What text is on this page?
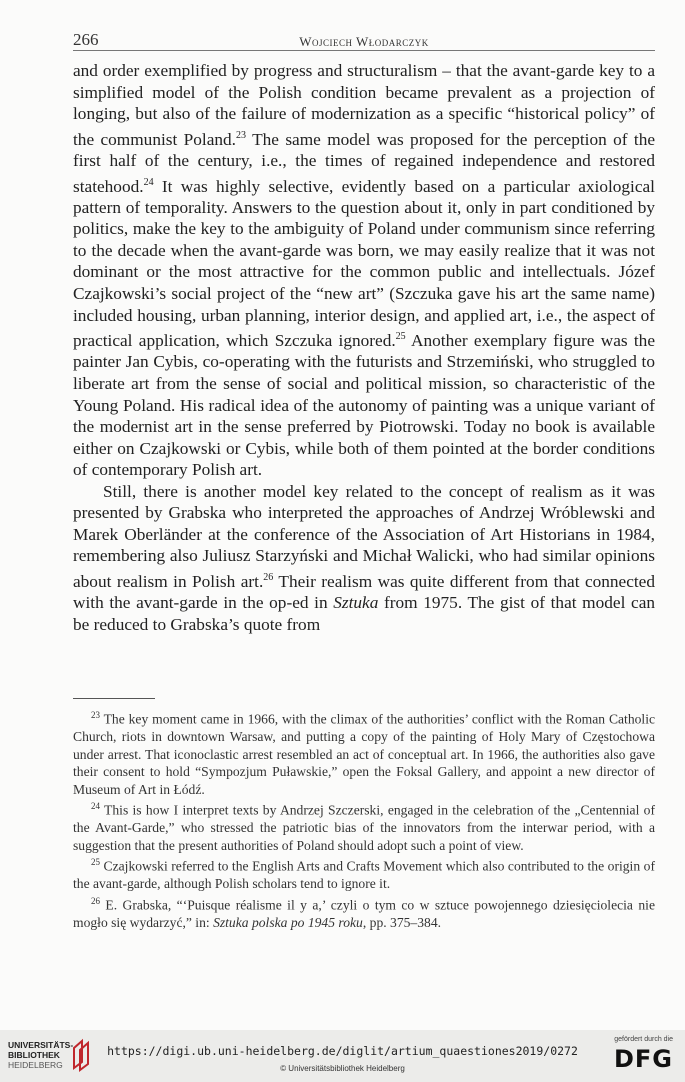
266	Wojciech Włodarczyk

and order exemplified by progress and structuralism – that the avant-garde key to a simplified model of the Polish condition became prevalent as a projection of longing, but also of the failure of modernization as a specific “historical policy” of the communist Poland.$^{23}$ The same model was proposed for the perception of the first half of the century, i.e., the times of regained independence and restored statehood.$^{24}$ It was highly selective, evidently based on a particular axiological pattern of temporality. Answers to the question about it, only in part conditioned by politics, make the key to the ambiguity of Poland under communism since referring to the decade when the avant-garde was born, we may easily realize that it was not dominant or the most attractive for the common public and intellectuals. Józef Czajkowski’s social project of the “new art” (Szczuka gave his art the same name) included housing, urban planning, interior design, and applied art, i.e., the aspect of practical application, which Szczuka ignored.$^{25}$ Another exemplary figure was the painter Jan Cybis, co-operating with the futurists and Strzemiński, who struggled to liberate art from the sense of social and political mission, so characteristic of the Young Poland. His radical idea of the autonomy of painting was a unique variant of the modernist art in the sense preferred by Piotrowski. Today no book is available either on Czajkowski or Cybis, while both of them pointed at the border conditions of contemporary Polish art.

Still, there is another model key related to the concept of realism as it was presented by Grabska who interpreted the approaches of Andrzej Wróblewski and Marek Oberländer at the conference of the Association of Art Historians in 1984, remembering also Juliusz Starzyński and Michał Walicki, who had similar opinions about realism in Polish art.$^{26}$ Their realism was quite different from that connected with the avant-garde in the op-ed in Sztuka from 1975. The gist of that model can be reduced to Grabska’s quote from

$^{23}$ The key moment came in 1966, with the climax of the authorities’ conflict with the Roman Catholic Church, riots in downtown Warsaw, and putting a copy of the painting of Holy Mary of Częstochowa under arrest. That iconoclastic arrest resembled an act of conceptual art. In 1966, the authorities also gave their consent to hold “Sympozjum Puławskie,” open the Foksal Gallery, and appoint a new director of Museum of Art in Łódź.

$^{24}$ This is how I interpret texts by Andrzej Szczerski, engaged in the celebration of the „Centennial of the Avant-Garde,” who stressed the patriotic bias of the innovators from the interwar period, with a suggestion that the present authorities of Poland should adopt such a point of view.

$^{25}$ Czajkowski referred to the English Arts and Crafts Movement which also contributed to the origin of the avant-garde, although Polish scholars tend to ignore it.

$^{26}$ E. Grabska, “‘Puisque réalisme il y a,’ czyli o tym co w sztuce powojennego dziesięciolecia nie mogło się wydarzyć,” in: Sztuka polska po 1945 roku, pp. 375–384.

UNIVERSITÄTS-
BIBLIOTHEK
HEIDELBERG
https://digi.ub.uni-heidelberg.de/diglit/artium_quaestiones2019/0272
© Universitätsbibliothek Heidelberg
gefördert durch die
DFG
